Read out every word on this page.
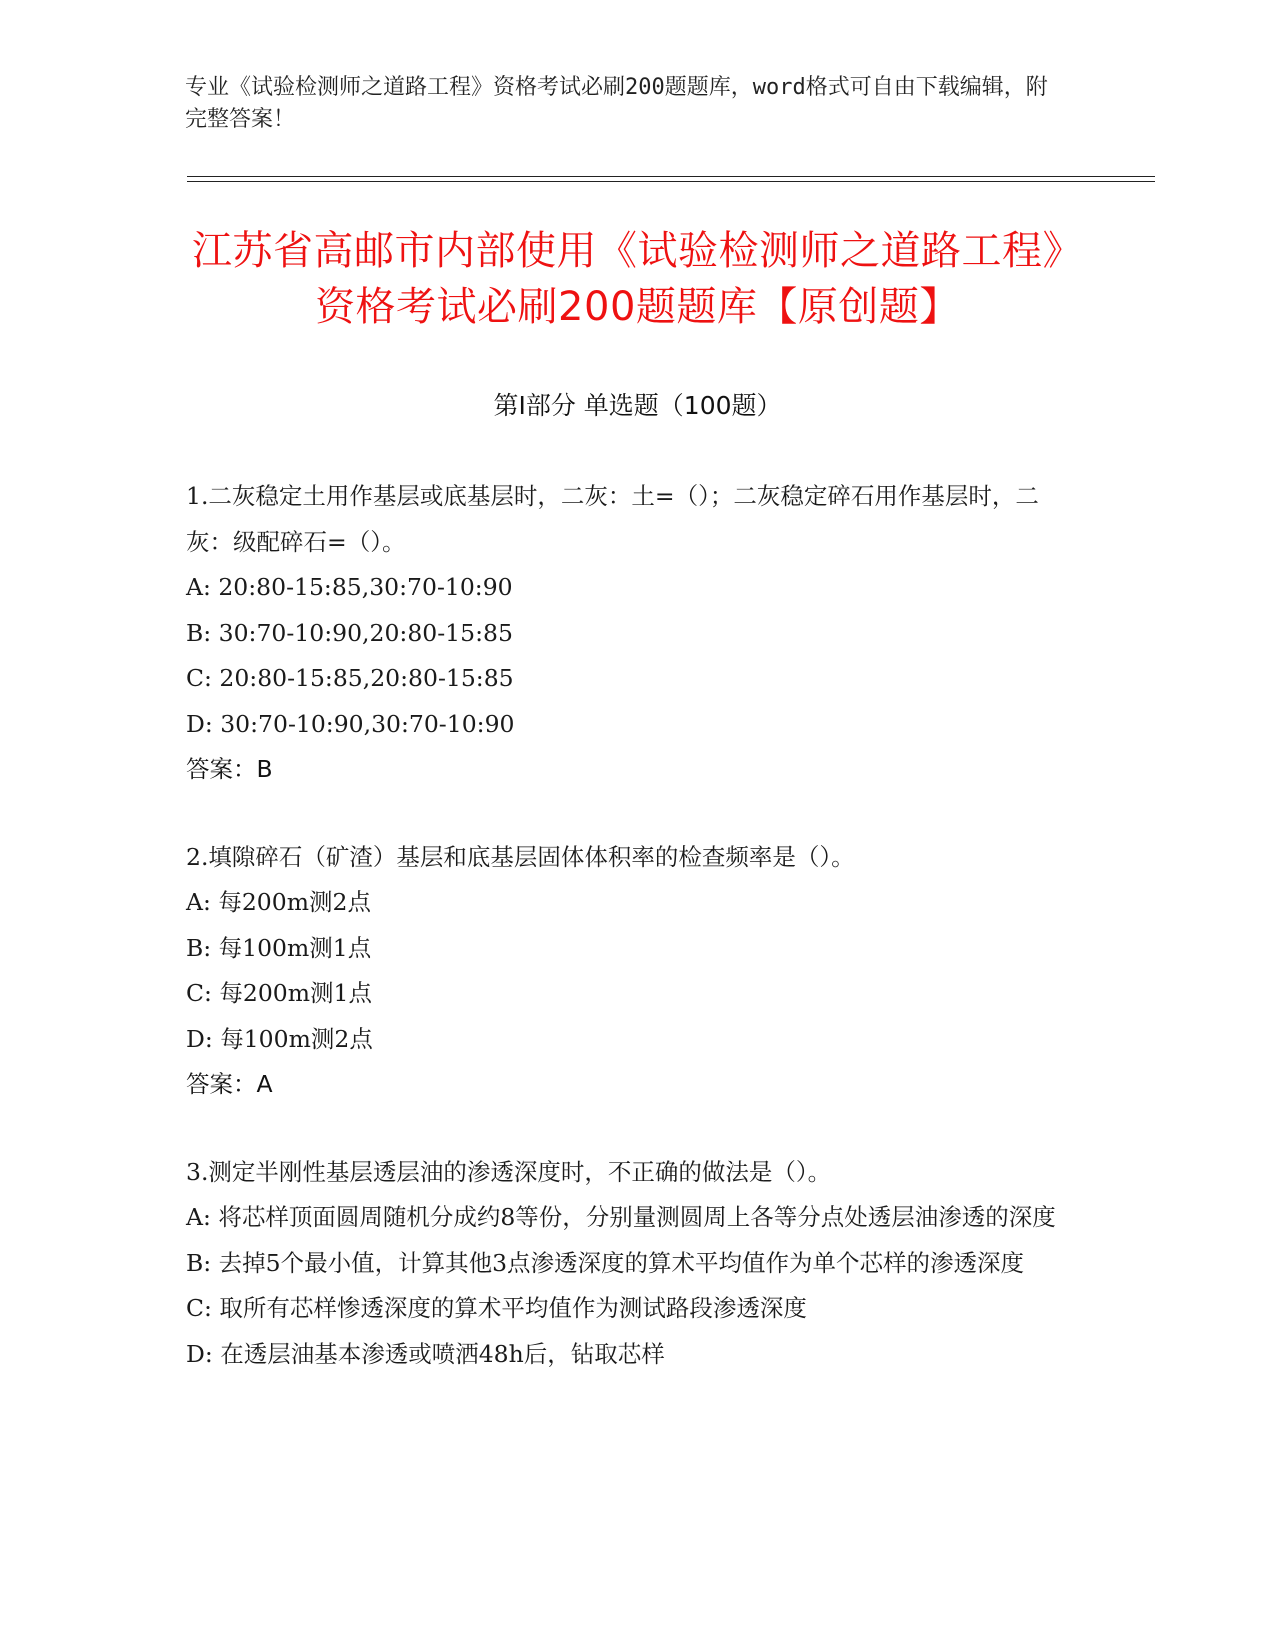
专业《试验检测师之道路工程》资格考试必刷200题题库，word格式可自由下载编辑，附完整答案！
江苏省高邮市内部使用《试验检测师之道路工程》资格考试必刷200题题库【原创题】
第I部分 单选题（100题）

1.二灰稳定土用作基层或底基层时，二灰：土=（）；二灰稳定碎石用作基层时，二灰：级配碎石=（）。

A: 20:80-15:85,30:70-10:90

B: 30:70-10:90,20:80-15:85

C: 20:80-15:85,20:80-15:85

D: 30:70-10:90,30:70-10:90

答案：B

2.填隙碎石（矿渣）基层和底基层固体体积率的检查频率是（）。

A: 每200m测2点

B: 每100m测1点

C: 每200m测1点

D: 每100m测2点

答案：A

3.测定半刚性基层透层油的渗透深度时，不正确的做法是（）。

A: 将芯样顶面圆周随机分成约8等份，分别量测圆周上各等分点处透层油渗透的深度

B: 去掉5个最小值，计算其他3点渗透深度的算术平均值作为单个芯样的渗透深度

C: 取所有芯样惨透深度的算术平均值作为测试路段渗透深度

D: 在透层油基本渗透或喷洒48h后，钻取芯样
